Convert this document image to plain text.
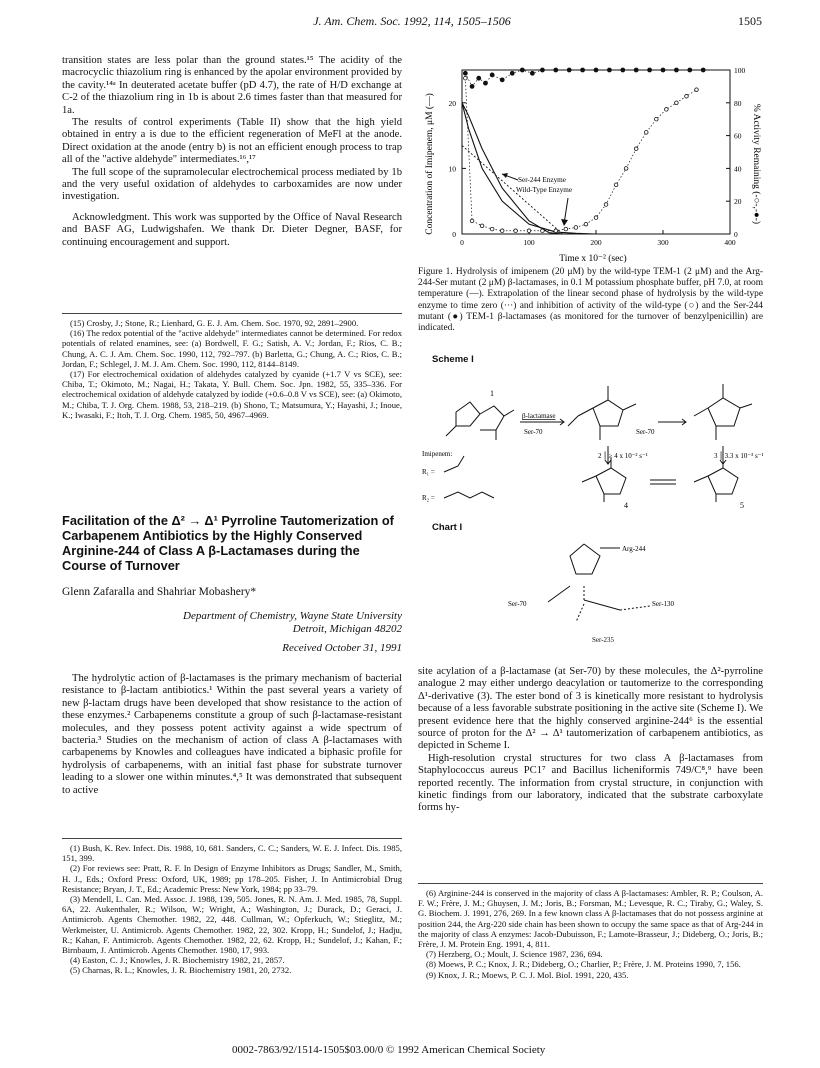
J. Am. Chem. Soc. 1992, 114, 1505–1506	1505

transition states are less polar than the ground states.¹⁵ The acidity of the macrocyclic thiazolium ring is enhanced by the apolar environment provided by the cavity.¹⁴ᵃ In deuterated acetate buffer (pD 4.7), the rate of H/D exchange at C-2 of the thiazolium ring in 1b is about 2.6 times faster than that measured for 1a.

The results of control experiments (Table II) show that the high yield obtained in entry a is due to the efficient regeneration of MeFl at the anode. Direct oxidation at the anode (entry b) is not an efficient enough process to trap all of the "active aldehyde" intermediates.¹⁶,¹⁷

The full scope of the supramolecular electrochemical process mediated by 1b and the very useful oxidation of aldehydes to carboxamides are now under investigation.

Acknowledgment. This work was supported by the Office of Naval Research and BASF AG, Ludwigshafen. We thank Dr. Dieter Degner, BASF, for continuing encouragement and support.

(15) Crosby, J.; Stone, R.; Lienhard, G. E. J. Am. Chem. Soc. 1970, 92, 2891–2900.

(16) The redox potential of the "active aldehyde" intermediates cannot be determined. For redox potentials of related enamines, see: (a) Bordwell, F. G.; Satish, A. V.; Jordan, F.; Rios, C. B.; Chung, A. C. J. Am. Chem. Soc. 1990, 112, 792–797. (b) Barletta, G.; Chung, A. C.; Rios, C. B.; Jordan, F.; Schlegel, J. M. J. Am. Chem. Soc. 1990, 112, 8144–8149.

(17) For electrochemical oxidation of aldehydes catalyzed by cyanide (+1.7 V vs SCE), see: Chiba, T.; Okimoto, M.; Nagai, H.; Takata, Y. Bull. Chem. Soc. Jpn. 1982, 55, 335–336. For electrochemical oxidation of aldehyde catalyzed by iodide (+0.6–0.8 V vs SCE), see: (a) Okimoto, M.; Chiba, T. J. Org. Chem. 1988, 53, 218–219. (b) Shono, T.; Matsumura, Y.; Hayashi, J.; Inoue, K.; Iwasaki, F.; Itoh, T. J. Org. Chem. 1985, 50, 4967–4969.

Facilitation of the Δ² → Δ¹ Pyrroline Tautomerization of Carbapenem Antibiotics by the Highly Conserved Arginine-244 of Class A β-Lactamases during the Course of Turnover
Glenn Zafaralla and Shahriar Mobashery*
Department of Chemistry, Wayne State University
Detroit, Michigan 48202
Received October 31, 1991

The hydrolytic action of β-lactamases is the primary mechanism of bacterial resistance to β-lactam antibiotics.¹ Within the past several years a variety of new β-lactam drugs have been developed that show resistance to the action of these enzymes.² Carbapenems constitute a group of such β-lactamase-resistant molecules, and they possess potent activity against a wide spectrum of bacteria.³ Studies on the mechanism of action of class A β-lactamases with carbapenems by Knowles and colleagues have indicated a biphasic profile for hydrolysis of carbapenems, with an initial fast phase for substrate turnover leading to a slower one within minutes.⁴,⁵ It was demonstrated that subsequent to active

(1) Bush, K. Rev. Infect. Dis. 1988, 10, 681. Sanders, C. C.; Sanders, W. E. J. Infect. Dis. 1985, 151, 399.

(2) For reviews see: Pratt, R. F. In Design of Enzyme Inhibitors as Drugs; Sandler, M., Smith, H. J., Eds.; Oxford Press: Oxford, UK, 1989; pp 178–205. Fisher, J. In Antimicrobial Drug Resistance; Bryan, J. T., Ed.; Academic Press: New York, 1984; pp 33–79.

(3) Mendell, L. Can. Med. Assoc. J. 1988, 139, 505. Jones, R. N. Am. J. Med. 1985, 78, Suppl. 6A, 22. Aukenthaler, R.; Wilson, W.; Wright, A.; Washington, J.; Durack, D.; Geraci, J. Antimicrob. Agents Chemother. 1982, 22, 448. Cullman, W.; Opferkuch, W.; Stieglitz, M.; Werkmeister, U. Antimicrob. Agents Chemother. 1982, 22, 302. Kropp, H.; Sundelof, J.; Hadju, R.; Kahan, F. Antimicrob. Agents Chemother. 1982, 22, 62. Kropp, H.; Sundelof, J.; Kahan, F.; Birnbaum, J. Antimicrob. Agents Chemother. 1980, 17, 993.

(4) Easton, C. J.; Knowles, J. R. Biochemistry 1982, 21, 2857.

(5) Charnas, R. L.; Knowles, J. R. Biochemistry 1981, 20, 2732.

0	100	200	300	400
0
10
20
0
20
40
60
80
100
Concentration of Imipenem, μM (—)	% Activity Remaining (-○-,-●-)
Time x 10⁻² (sec)
Ser-244 Enzyme
Wild-Type Enzyme
Figure 1. Hydrolysis of imipenem (20 μM) by the wild-type TEM-1 (2 μM) and the Arg-244-Ser mutant (2 μM) β-lactamases, in 0.1 M potassium phosphate buffer, pH 7.0, at room temperature (—). Extrapolation of the linear second phase of hydrolysis by the wild-type enzyme to time zero (···) and inhibition of activity of the wild-type (○) and the Ser-244 mutant (●) TEM-1 β-lactamases (as monitored for the turnover of benzylpenicillin) are indicated.
Scheme I
1
β-lactamase
Ser-70	Ser-70
2 ⎮ ≥ 4 x 10⁻² s⁻¹	3 ⎮ 3.3 x 10⁻³ s⁻¹
Imipenem:
R₁ =
R₂ =
4	5
Chart I
Arg-244
Ser-70	Ser-130
Ser-235

site acylation of a β-lactamase (at Ser-70) by these molecules, the Δ²-pyrroline analogue 2 may either undergo deacylation or tautomerize to the corresponding Δ¹-derivative (3). The ester bond of 3 is kinetically more resistant to hydrolysis because of a less favorable substrate positioning in the active site (Scheme I). We present evidence here that the highly conserved arginine-244⁶ is the essential source of proton for the Δ² → Δ¹ tautomerization of carbapenem antibiotics, as depicted in Scheme I.

High-resolution crystal structures for two class A β-lactamases from Staphylococcus aureus PC1⁷ and Bacillus licheniformis 749/C⁸,⁹ have been reported recently. The information from crystal structure, in conjunction with kinetic findings from our laboratory, indicated that the substrate carboxylate forms hy-

(6) Arginine-244 is conserved in the majority of class A β-lactamases: Ambler, R. P.; Coulson, A. F. W.; Frère, J. M.; Ghuysen, J. M.; Joris, B.; Forsman, M.; Levesque, R. C.; Tiraby, G.; Waley, S. G. Biochem. J. 1991, 276, 269. In a few known class A β-lactamases that do not possess arginine at position 244, the Arg-220 side chain has been shown to occupy the same space as that of Arg-244 in the majority of class A enzymes: Jacob-Dubuisson, F.; Lamote-Brasseur, J.; Dideberg, O.; Joris, B.; Frère, J. M. Protein Eng. 1991, 4, 811.

(7) Herzberg, O.; Moult, J. Science 1987, 236, 694.

(8) Moews, P. C.; Knox, J. R.; Dideberg, O.; Charlier, P.; Frère, J. M. Proteins 1990, 7, 156.

(9) Knox, J. R.; Moews, P. C. J. Mol. Biol. 1991, 220, 435.

0002-7863/92/1514-1505$03.00/0 © 1992 American Chemical Society
